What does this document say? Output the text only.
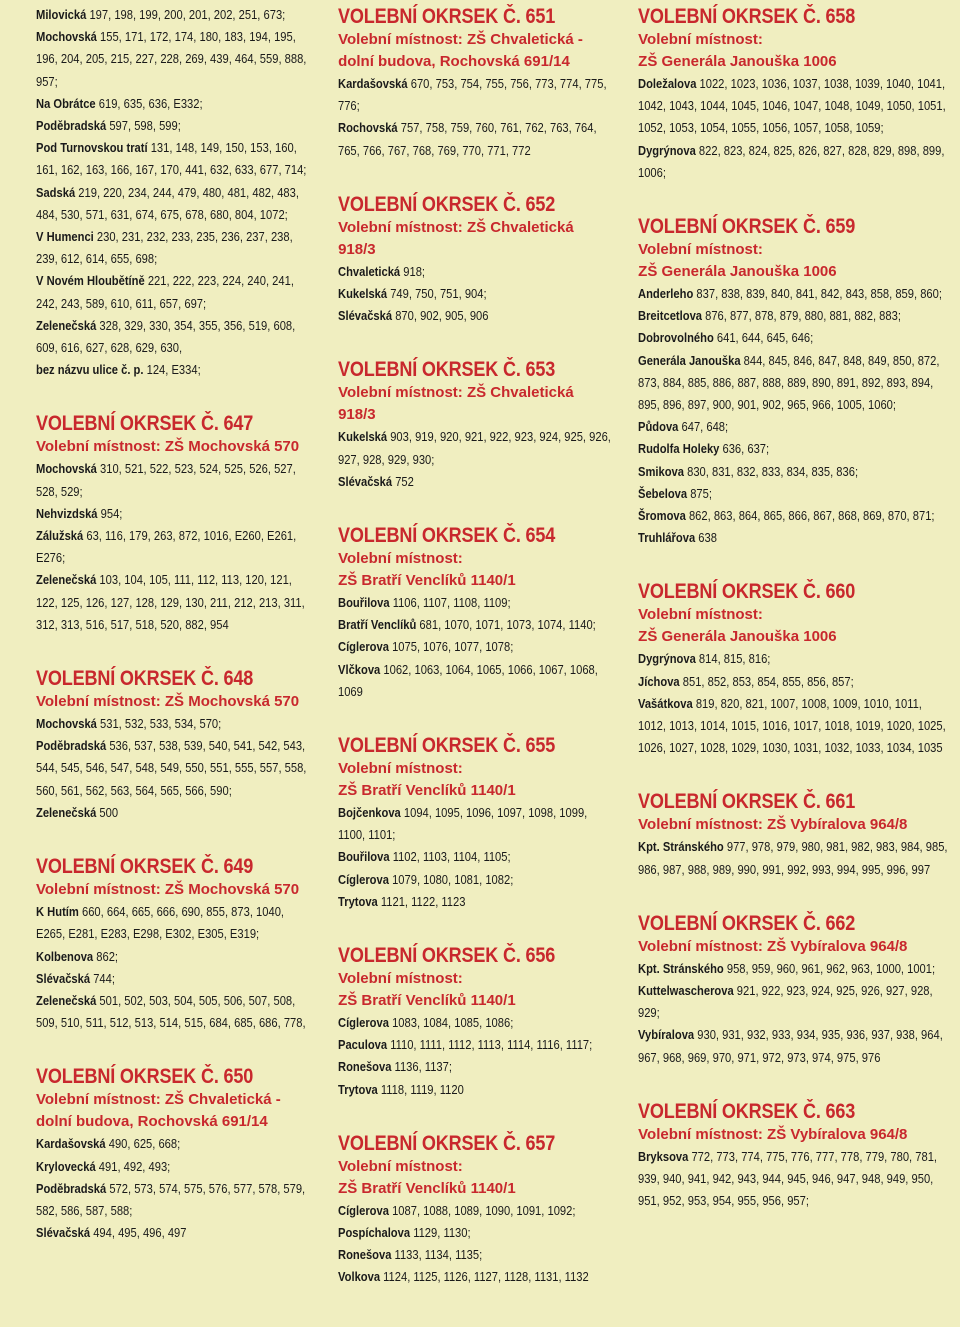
Milovická 197, 198, 199, 200, 201, 202, 251, 673;
Mochovská 155, 171, 172, 174, 180, 183, 194, 195, 196, 204, 205, 215, 227, 228, 269, 439, 464, 559, 888, 957;
Na Obrátce 619, 635, 636, E332;
Poděbradská 597, 598, 599;
Pod Turnovskou tratí 131, 148, 149, 150, 153, 160, 161, 162, 163, 166, 167, 170, 441, 632, 633, 677, 714;
Sadská 219, 220, 234, 244, 479, 480, 481, 482, 483, 484, 530, 571, 631, 674, 675, 678, 680, 804, 1072;
V Humenci 230, 231, 232, 233, 235, 236, 237, 238, 239, 612, 614, 655, 698;
V Novém Hloubětíně 221, 222, 223, 224, 240, 241, 242, 243, 589, 610, 611, 657, 697;
Zelenečská 328, 329, 330, 354, 355, 356, 519, 608, 609, 616, 627, 628, 629, 630,
bez názvu ulice č. p. 124, E334;
VOLEBNÍ OKRSEK Č. 647
Volební místnost: ZŠ Mochovská 570
Mochovská 310, 521, 522, 523, 524, 525, 526, 527, 528, 529;
Nehvizdská 954;
Zálužská 63, 116, 179, 263, 872, 1016, E260, E261, E276;
Zelenečská 103, 104, 105, 111, 112, 113, 120, 121, 122, 125, 126, 127, 128, 129, 130, 211, 212, 213, 311, 312, 313, 516, 517, 518, 520, 882, 954
VOLEBNÍ OKRSEK Č. 648
Volební místnost: ZŠ Mochovská 570
Mochovská 531, 532, 533, 534, 570;
Poděbradská 536, 537, 538, 539, 540, 541, 542, 543, 544, 545, 546, 547, 548, 549, 550, 551, 555, 557, 558, 560, 561, 562, 563, 564, 565, 566, 590;
Zelenečská 500
VOLEBNÍ OKRSEK Č. 649
Volební místnost: ZŠ Mochovská 570
K Hutím 660, 664, 665, 666, 690, 855, 873, 1040, E265, E281, E283, E298, E302, E305, E319;
Kolbenova 862;
Slévačská 744;
Zelenečská 501, 502, 503, 504, 505, 506, 507, 508, 509, 510, 511, 512, 513, 514, 515, 684, 685, 686, 778,
VOLEBNÍ OKRSEK Č. 650
Volební místnost: ZŠ Chvaletická -
dolní budova, Rochovská 691/14
Kardašovská 490, 625, 668;
Krylovecká 491, 492, 493;
Poděbradská 572, 573, 574, 575, 576, 577, 578, 579, 582, 586, 587, 588;
Slévačská 494, 495, 496, 497
VOLEBNÍ OKRSEK Č. 651
Volební místnost: ZŠ Chvaletická -
dolní budova, Rochovská 691/14
Kardašovská 670, 753, 754, 755, 756, 773, 774, 775, 776;
Rochovská 757, 758, 759, 760, 761, 762, 763, 764, 765, 766, 767, 768, 769, 770, 771, 772
VOLEBNÍ OKRSEK Č. 652
Volební místnost: ZŠ Chvaletická 918/3
Chvaletická 918;
Kukelská 749, 750, 751, 904;
Slévačská 870, 902, 905, 906
VOLEBNÍ OKRSEK Č. 653
Volební místnost: ZŠ Chvaletická 918/3
Kukelská 903, 919, 920, 921, 922, 923, 924, 925, 926, 927, 928, 929, 930;
Slévačská 752
VOLEBNÍ OKRSEK Č. 654
Volební místnost:
ZŠ Bratří Venclíků 1140/1
Bouřilova 1106, 1107, 1108, 1109;
Bratří Venclíků 681, 1070, 1071, 1073, 1074, 1140;
Cíglerova 1075, 1076, 1077, 1078;
Vlčkova 1062, 1063, 1064, 1065, 1066, 1067, 1068, 1069
VOLEBNÍ OKRSEK Č. 655
Volební místnost:
ZŠ Bratří Venclíků 1140/1
Bojčenkova 1094, 1095, 1096, 1097, 1098, 1099, 1100, 1101;
Bouřilova 1102, 1103, 1104, 1105;
Cíglerova 1079, 1080, 1081, 1082;
Trytova 1121, 1122, 1123
VOLEBNÍ OKRSEK Č. 656
Volební místnost:
ZŠ Bratří Venclíků 1140/1
Cíglerova 1083, 1084, 1085, 1086;
Paculova 1110, 1111, 1112, 1113, 1114, 1116, 1117;
Ronešova 1136, 1137;
Trytova 1118, 1119, 1120
VOLEBNÍ OKRSEK Č. 657
Volební místnost:
ZŠ Bratří Venclíků 1140/1
Cíglerova 1087, 1088, 1089, 1090, 1091, 1092;
Pospíchalova 1129, 1130;
Ronešova 1133, 1134, 1135;
Volkova 1124, 1125, 1126, 1127, 1128, 1131, 1132
VOLEBNÍ OKRSEK Č. 658
Volební místnost:
ZŠ Generála Janouška 1006
Doležalova 1022, 1023, 1036, 1037, 1038, 1039, 1040, 1041, 1042, 1043, 1044, 1045, 1046, 1047, 1048, 1049, 1050, 1051, 1052, 1053, 1054, 1055, 1056, 1057, 1058, 1059;
Dygrýnova 822, 823, 824, 825, 826, 827, 828, 829, 898, 899, 1006;
VOLEBNÍ OKRSEK Č. 659
Volební místnost:
ZŠ Generála Janouška 1006
Anderleho 837, 838, 839, 840, 841, 842, 843, 858, 859, 860;
Breitcetlova 876, 877, 878, 879, 880, 881, 882, 883;
Dobrovolného 641, 644, 645, 646;
Generála Janouška 844, 845, 846, 847, 848, 849, 850, 872, 873, 884, 885, 886, 887, 888, 889, 890, 891, 892, 893, 894, 895, 896, 897, 900, 901, 902, 965, 966, 1005, 1060;
Půdova 647, 648;
Rudolfa Holeky 636, 637;
Smikova 830, 831, 832, 833, 834, 835, 836;
Šebelova 875;
Šromova 862, 863, 864, 865, 866, 867, 868, 869, 870, 871;
Truhlářova 638
VOLEBNÍ OKRSEK Č. 660
Volební místnost:
ZŠ Generála Janouška 1006
Dygrýnova 814, 815, 816;
Jíchova 851, 852, 853, 854, 855, 856, 857;
Vašátkova 819, 820, 821, 1007, 1008, 1009, 1010, 1011, 1012, 1013, 1014, 1015, 1016, 1017, 1018, 1019, 1020, 1025, 1026, 1027, 1028, 1029, 1030, 1031, 1032, 1033, 1034, 1035
VOLEBNÍ OKRSEK Č. 661
Volební místnost: ZŠ Vybíralova 964/8
Kpt. Stránského 977, 978, 979, 980, 981, 982, 983, 984, 985, 986, 987, 988, 989, 990, 991, 992, 993, 994, 995, 996, 997
VOLEBNÍ OKRSEK Č. 662
Volební místnost: ZŠ Vybíralova 964/8
Kpt. Stránského 958, 959, 960, 961, 962, 963, 1000, 1001;
Kuttelwascherova 921, 922, 923, 924, 925, 926, 927, 928, 929;
Vybíralova 930, 931, 932, 933, 934, 935, 936, 937, 938, 964, 967, 968, 969, 970, 971, 972, 973, 974, 975, 976
VOLEBNÍ OKRSEK Č. 663
Volební místnost: ZŠ Vybíralova 964/8
Bryksova 772, 773, 774, 775, 776, 777, 778, 779, 780, 781, 939, 940, 941, 942, 943, 944, 945, 946, 947, 948, 949, 950, 951, 952, 953, 954, 955, 956, 957;
